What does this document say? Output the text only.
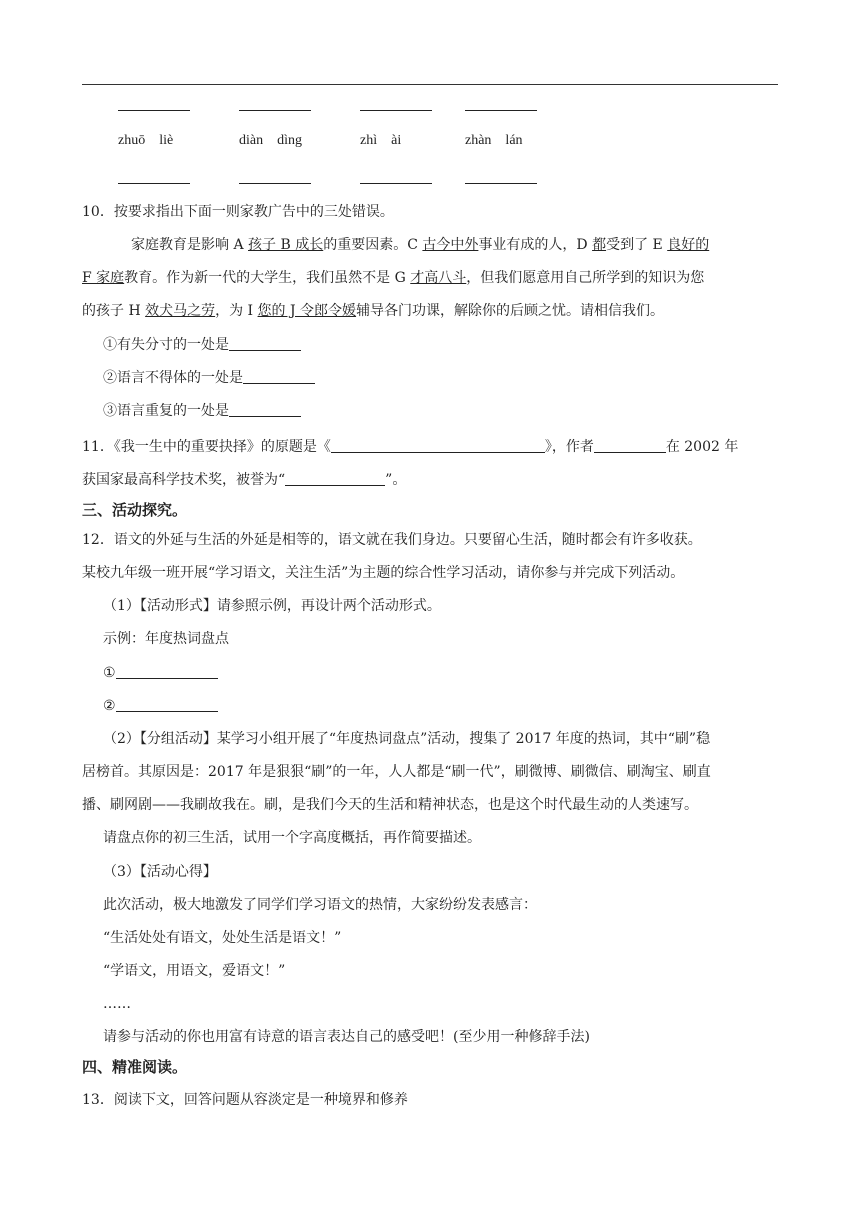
zhuō　liè	diàn　dìng	zhì　ài	zhàn　lán
10．按要求指出下面一则家教广告中的三处错误。
家庭教育是影响 A 孩子 B 成长的重要因素。C 古今中外事业有成的人，D 都受到了 E 良好的
F 家庭教育。作为新一代的大学生，我们虽然不是 G 才高八斗，但我们愿意用自己所学到的知识为您
的孩子 H 效犬马之劳，为 I 您的 J 令郎令媛辅导各门功课，解除你的后顾之忧。请相信我们。
①有失分寸的一处是
②语言不得体的一处是
③语言重复的一处是
11．《我一生中的重要抉择》的原题是《	》，作者	在 2002 年
获国家最高科学技术奖，被誉为“	”。
三、活动探究。
12．语文的外延与生活的外延是相等的，语文就在我们身边。只要留心生活，随时都会有许多收获。
某校九年级一班开展“学习语文，关注生活”为主题的综合性学习活动，请你参与并完成下列活动。
（1）【活动形式】请参照示例，再设计两个活动形式。
示例：年度热词盘点
①
②
（2）【分组活动】某学习小组开展了“年度热词盘点”活动，搜集了 2017 年度的热词，其中“刷”稳
居榜首。其原因是：2017 年是狠狠“刷”的一年，人人都是“刷一代”，刷微博、刷微信、刷淘宝、刷直
播、刷网剧——我刷故我在。刷，是我们今天的生活和精神状态，也是这个时代最生动的人类速写。
请盘点你的初三生活，试用一个字高度概括，再作简要描述。
（3）【活动心得】
此次活动，极大地激发了同学们学习语文的热情，大家纷纷发表感言：
“生活处处有语文，处处生活是语文！”
“学语文，用语文，爱语文！”
……
请参与活动的你也用富有诗意的语言表达自己的感受吧！(至少用一种修辞手法)
四、精准阅读。
13．阅读下文，回答问题从容淡定是一种境界和修养
